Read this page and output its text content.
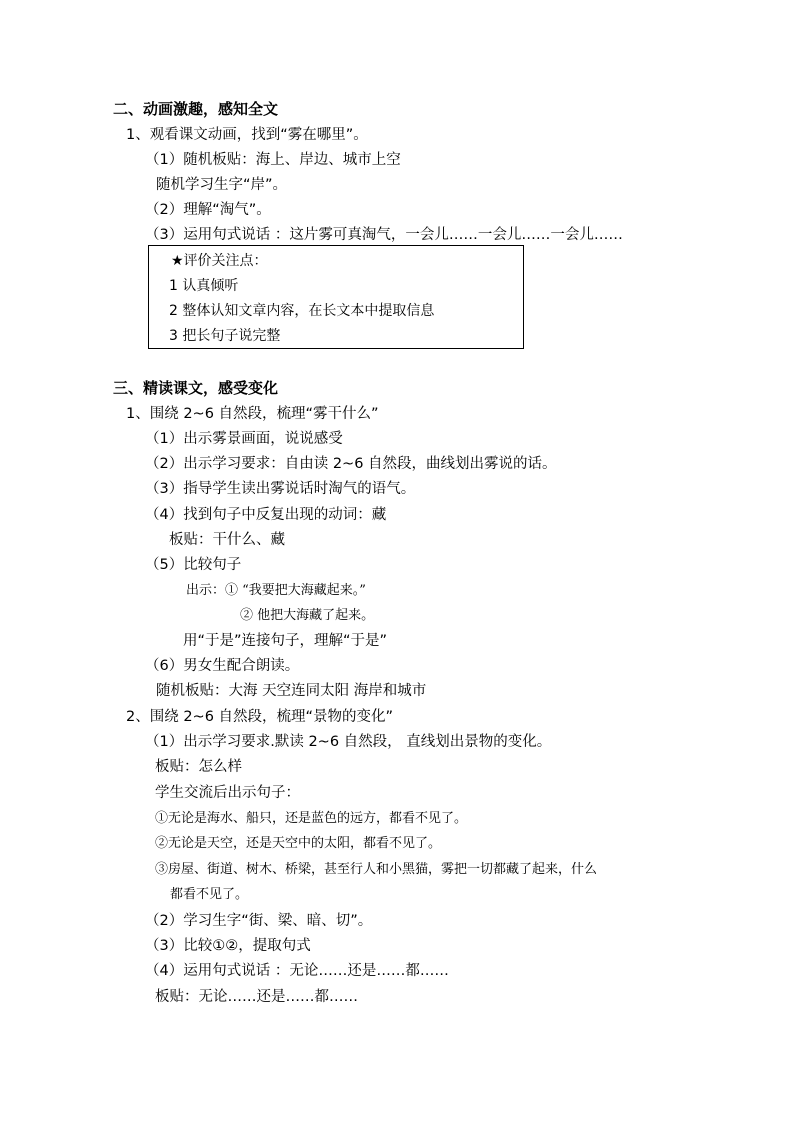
二、动画激趣，感知全文
1、观看课文动画，找到“雾在哪里”。
（1）随机板贴：海上、岸边、城市上空
随机学习生字“岸”。
（2）理解“淘气”。
（3）运用句式说话 ：这片雾可真淘气，一会儿……一会儿……一会儿……
★评价关注点：
1 认真倾听
2 整体认知文章内容，在长文本中提取信息
3 把长句子说完整
三、精读课文，感受变化
1、围绕 2~6 自然段，梳理“雾干什么”
（1）出示雾景画面，说说感受
（2）出示学习要求：自由读 2~6 自然段，曲线划出雾说的话。
（3）指导学生读出雾说话时淘气的语气。
（4）找到句子中反复出现的动词：藏
板贴：干什么、藏
（5）比较句子
出示：① “我要把大海藏起来。”
② 他把大海藏了起来。
用“于是”连接句子，理解“于是”
（6）男女生配合朗读。
随机板贴：大海 天空连同太阳 海岸和城市
2、围绕 2~6 自然段，梳理“景物的变化”
（1）出示学习要求.默读 2~6 自然段， 直线划出景物的变化。
板贴：怎么样
学生交流后出示句子：
①无论是海水、船只，还是蓝色的远方，都看不见了。
②无论是天空，还是天空中的太阳，都看不见了。
③房屋、街道、树木、桥梁，甚至行人和小黑猫，雾把一切都藏了起来，什么
都看不见了。
（2）学习生字“街、梁、暗、切”。
（3）比较①②，提取句式
（4）运用句式说话 ：无论……还是……都……
板贴：无论……还是……都……
